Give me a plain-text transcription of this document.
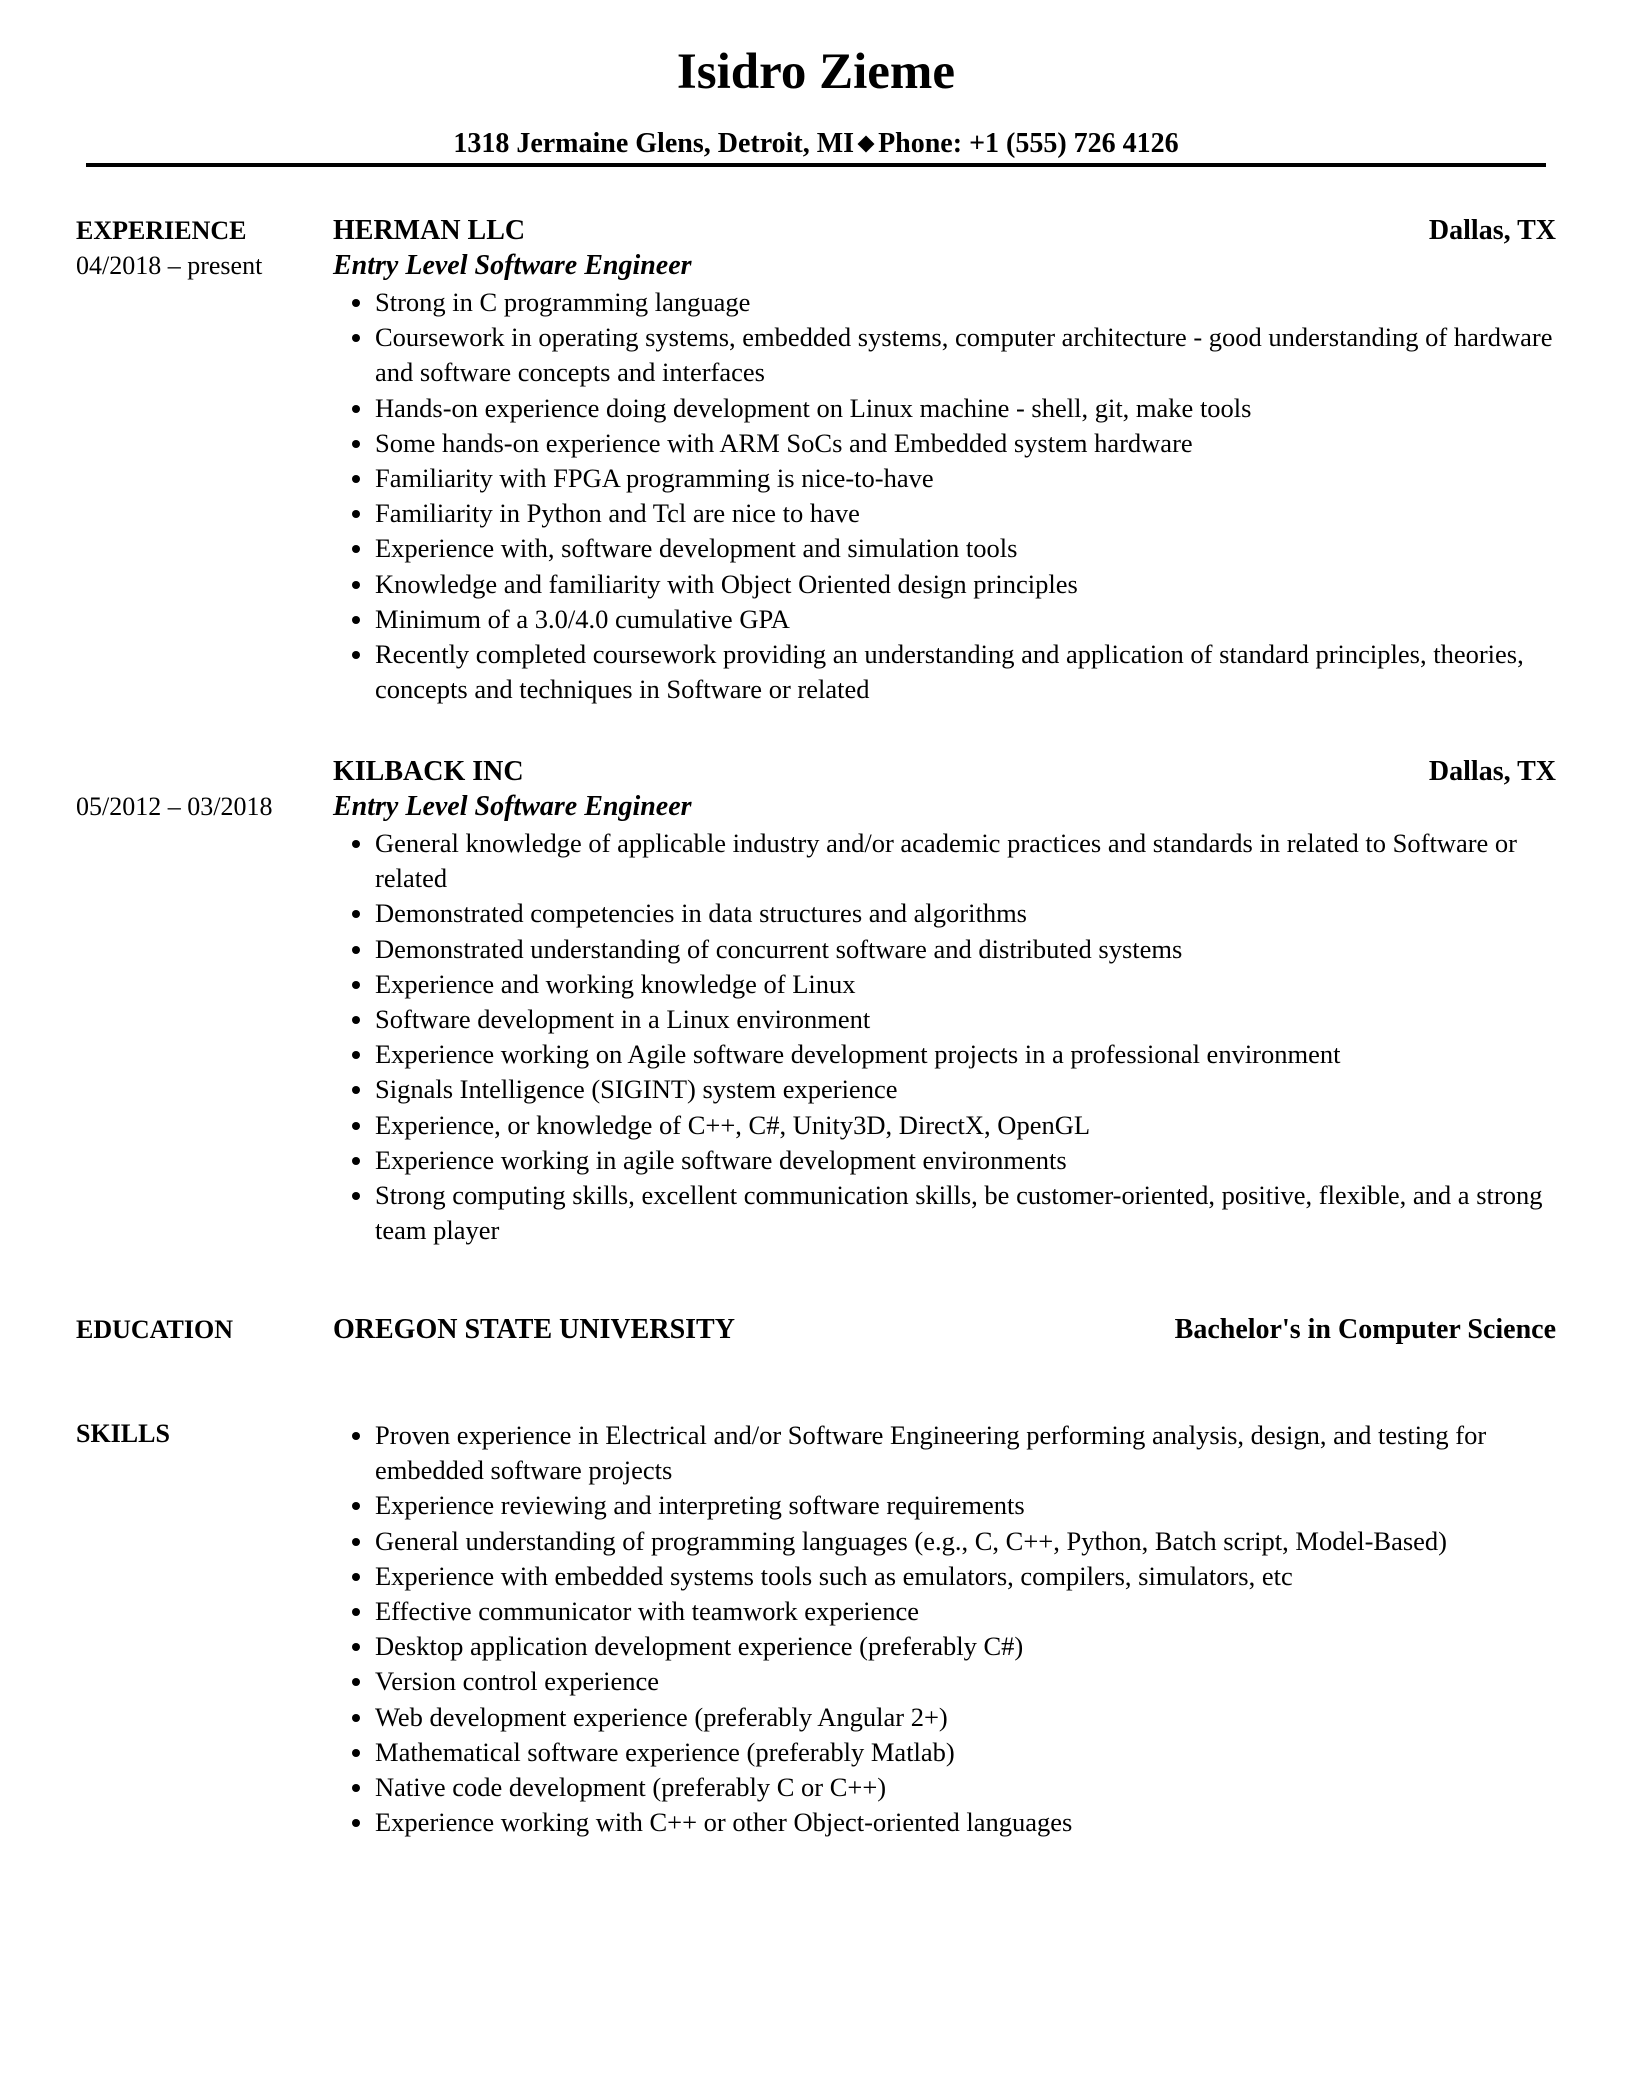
Isidro Zieme
1318 Jermaine Glens, Detroit, MI Phone: +1 (555) 726 4126
EXPERIENCE
04/2018 – present
HERMAN LLC	Dallas, TX
Entry Level Software Engineer
Strong in C programming language
Coursework in operating systems, embedded systems, computer architecture - good understanding of hardware and software concepts and interfaces
Hands-on experience doing development on Linux machine - shell, git, make tools
Some hands-on experience with ARM SoCs and Embedded system hardware
Familiarity with FPGA programming is nice-to-have
Familiarity in Python and Tcl are nice to have
Experience with, software development and simulation tools
Knowledge and familiarity with Object Oriented design principles
Minimum of a 3.0/4.0 cumulative GPA
Recently completed coursework providing an understanding and application of standard principles, theories, concepts and techniques in Software or related
05/2012 – 03/2018
KILBACK INC	Dallas, TX
Entry Level Software Engineer
General knowledge of applicable industry and/or academic practices and standards in related to Software or related
Demonstrated competencies in data structures and algorithms
Demonstrated understanding of concurrent software and distributed systems
Experience and working knowledge of Linux
Software development in a Linux environment
Experience working on Agile software development projects in a professional environment
Signals Intelligence (SIGINT) system experience
Experience, or knowledge of C++, C#, Unity3D, DirectX, OpenGL
Experience working in agile software development environments
Strong computing skills, excellent communication skills, be customer-oriented, positive, flexible, and a strong team player
EDUCATION	OREGON STATE UNIVERSITY	Bachelor's in Computer Science
SKILLS	Proven experience in Electrical and/or Software Engineering performing analysis, design, and testing for embedded software projects
Experience reviewing and interpreting software requirements
General understanding of programming languages (e.g., C, C++, Python, Batch script, Model-Based)
Experience with embedded systems tools such as emulators, compilers, simulators, etc
Effective communicator with teamwork experience
Desktop application development experience (preferably C#)
Version control experience
Web development experience (preferably Angular 2+)
Mathematical software experience (preferably Matlab)
Native code development (preferably C or C++)
Experience working with C++ or other Object-oriented languages
